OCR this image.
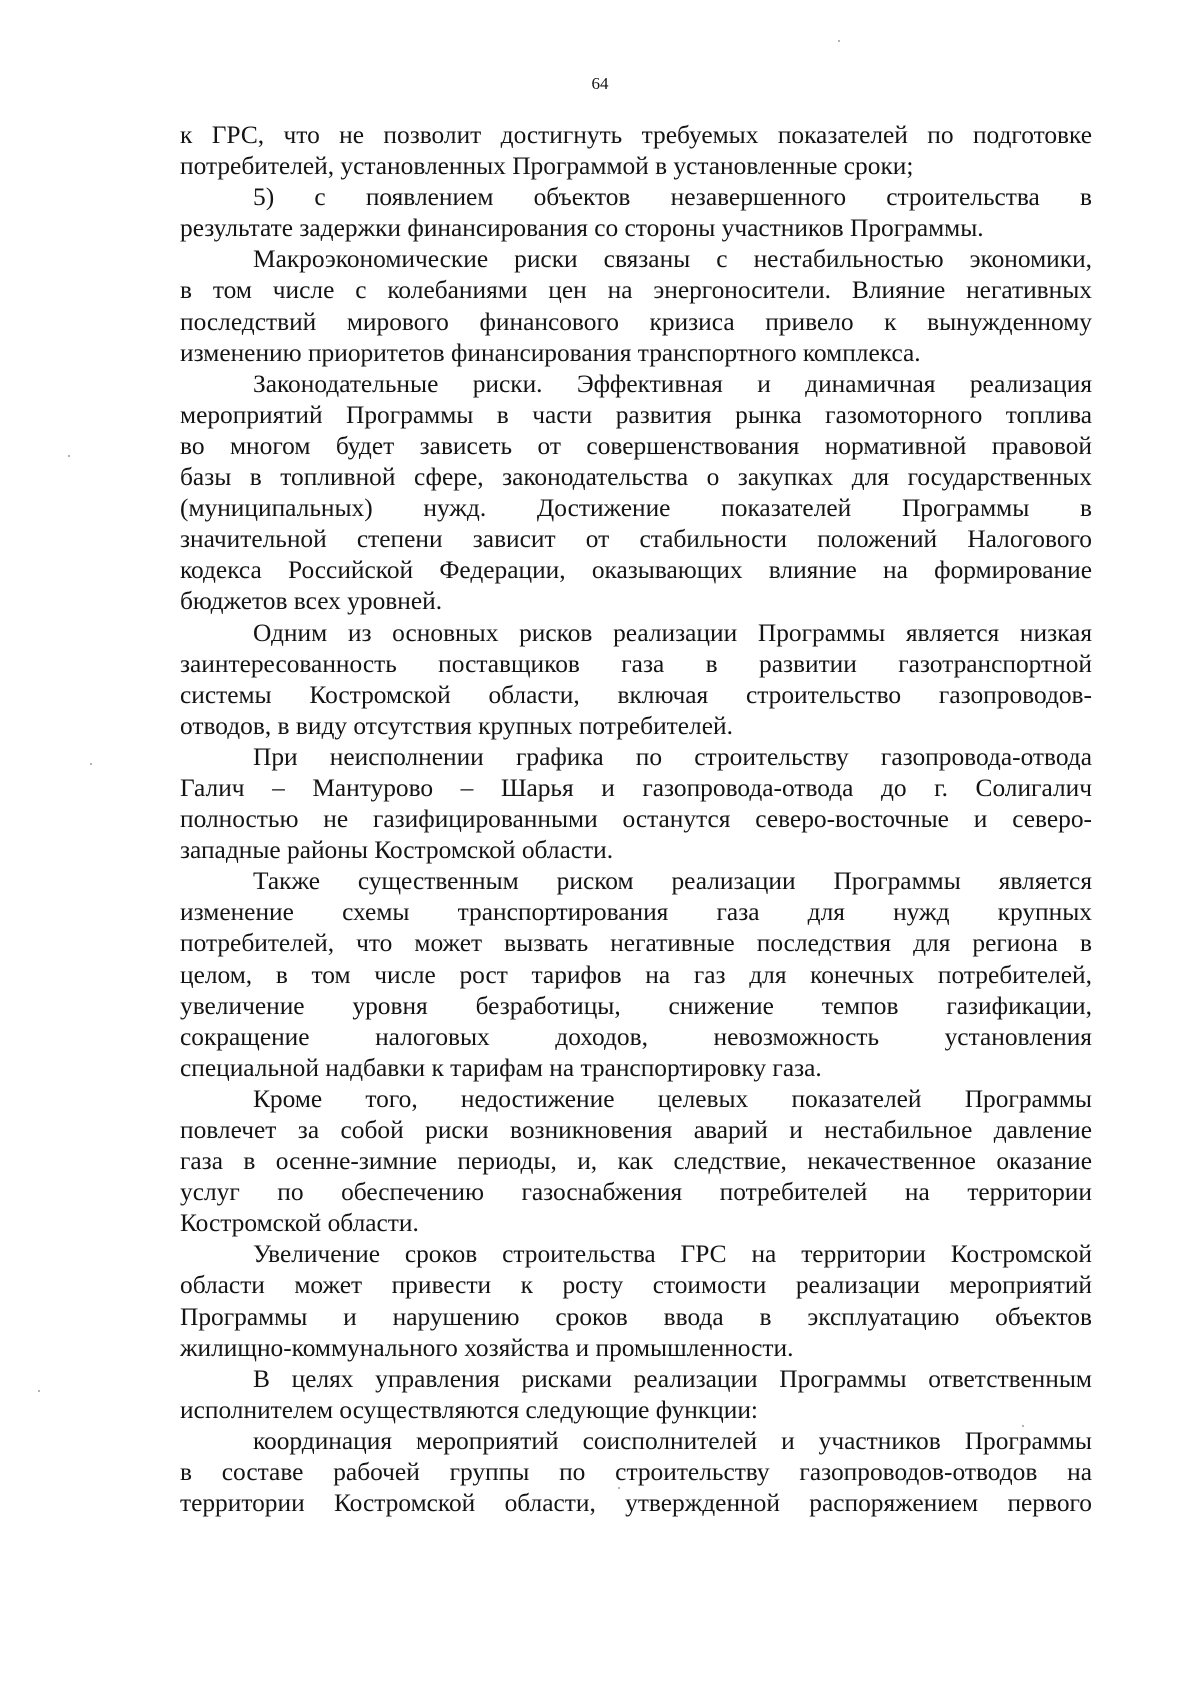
64
к ГРС, что не позволит достигнуть требуемых показателей по подготовке
потребителей, установленных Программой в установленные сроки;
5) с появлением объектов незавершенного строительства в
результате задержки финансирования со стороны участников Программы.
Макроэкономические риски связаны с нестабильностью экономики,
в том числе с колебаниями цен на энергоносители. Влияние негативных
последствий мирового финансового кризиса привело к вынужденному
изменению приоритетов финансирования транспортного комплекса.
Законодательные риски. Эффективная и динамичная реализация
мероприятий Программы в части развития рынка газомоторного топлива
во многом будет зависеть от совершенствования нормативной правовой
базы в топливной сфере, законодательства о закупках для государственных
(муниципальных) нужд. Достижение показателей Программы в
значительной степени зависит от стабильности положений Налогового
кодекса Российской Федерации, оказывающих влияние на формирование
бюджетов всех уровней.
Одним из основных рисков реализации Программы является низкая
заинтересованность поставщиков газа в развитии газотранспортной
системы Костромской области, включая строительство газопроводов-
отводов, в виду отсутствия крупных потребителей.
При неисполнении графика по строительству газопровода-отвода
Галич – Мантурово – Шарья и газопровода-отвода до г. Солигалич
полностью не газифицированными останутся северо-восточные и северо-
западные районы Костромской области.
Также существенным риском реализации Программы является
изменение схемы транспортирования газа для нужд крупных
потребителей, что может вызвать негативные последствия для региона в
целом, в том числе рост тарифов на газ для конечных потребителей,
увеличение уровня безработицы, снижение темпов газификации,
сокращение налоговых доходов, невозможность установления
специальной надбавки к тарифам на транспортировку газа.
Кроме того, недостижение целевых показателей Программы
повлечет за собой риски возникновения аварий и нестабильное давление
газа в осенне-зимние периоды, и, как следствие, некачественное оказание
услуг по обеспечению газоснабжения потребителей на территории
Костромской области.
Увеличение сроков строительства ГРС на территории Костромской
области может привести к росту стоимости реализации мероприятий
Программы и нарушению сроков ввода в эксплуатацию объектов
жилищно-коммунального хозяйства и промышленности.
В целях управления рисками реализации Программы ответственным
исполнителем осуществляются следующие функции:
координация мероприятий соисполнителей и участников Программы
в составе рабочей группы по строительству газопроводов-отводов на
территории Костромской области, утвержденной распоряжением первого
